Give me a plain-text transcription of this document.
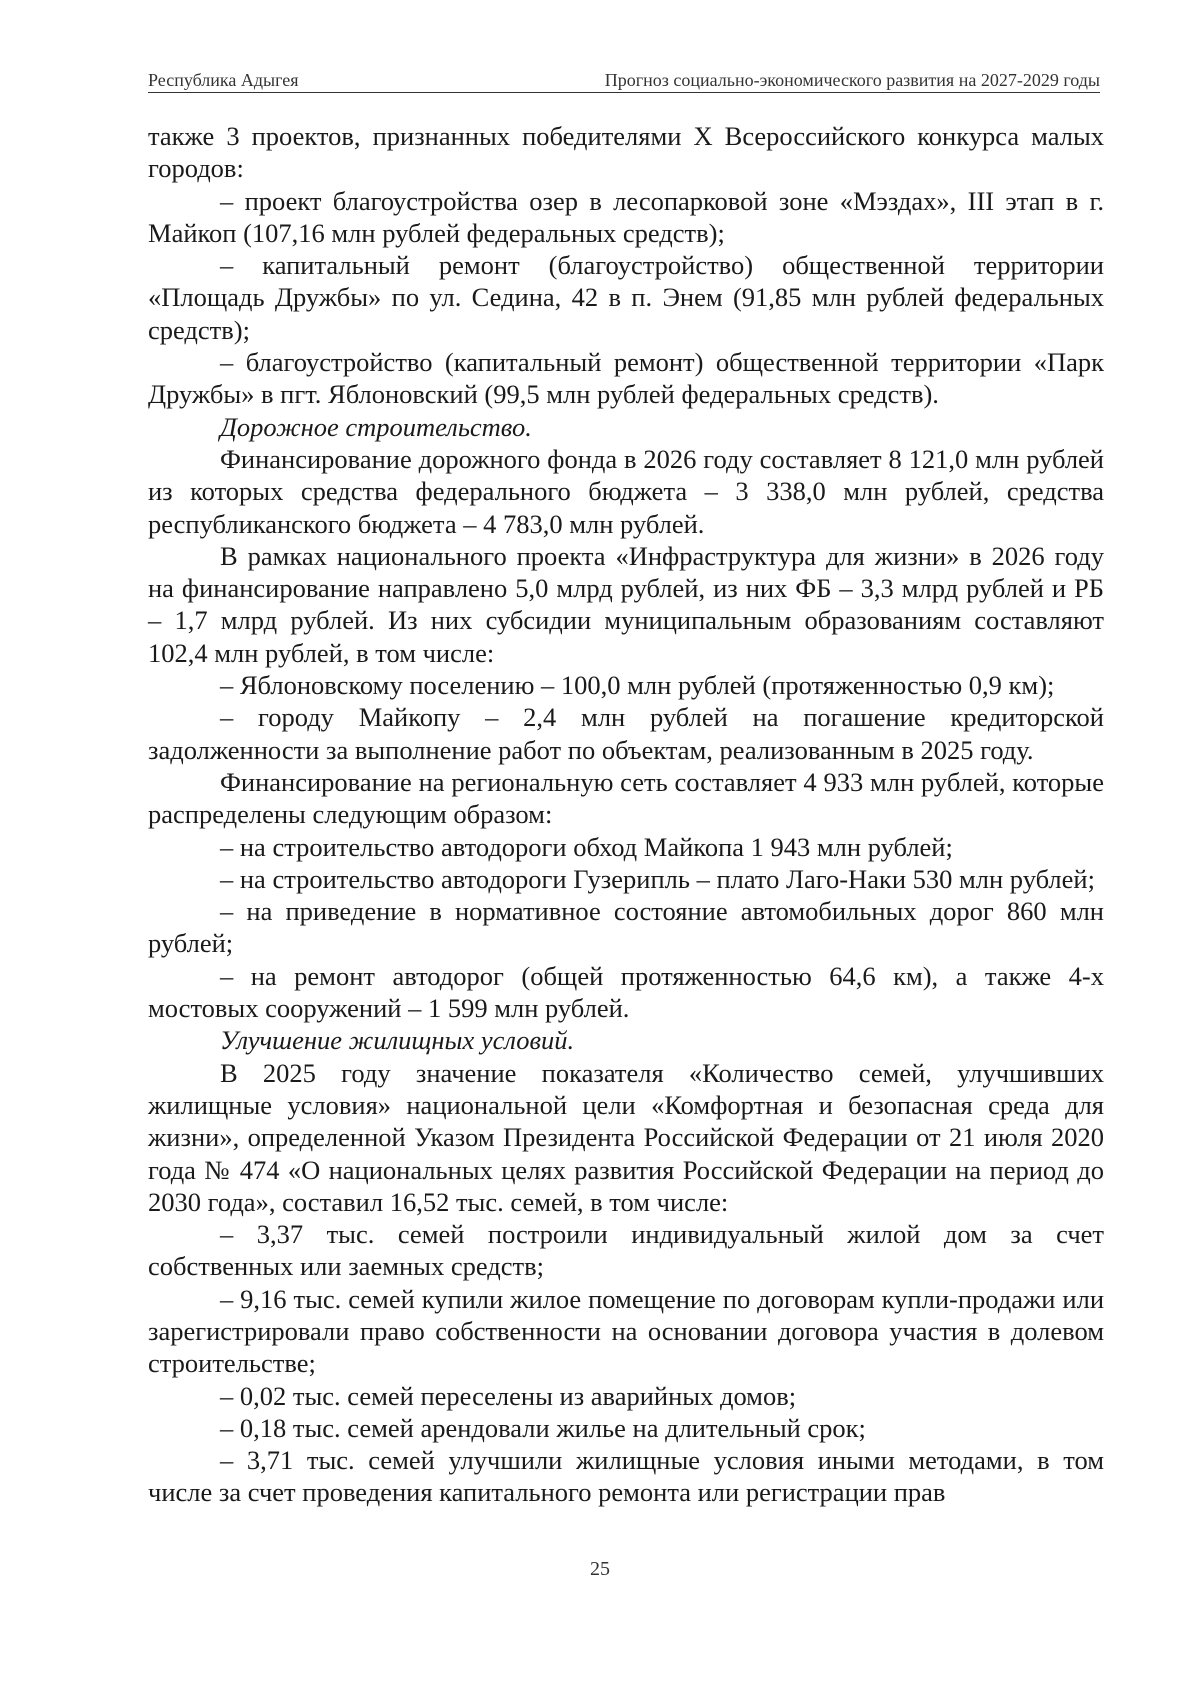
Республика Адыгея	Прогноз социально-экономического развития на 2027-2029 годы

также 3 проектов, признанных победителями X Всероссийского конкурса малых городов:

– проект благоустройства озер в лесопарковой зоне «Мэздах», III этап в г. Майкоп (107,16 млн рублей федеральных средств);

– капитальный ремонт (благоустройство) общественной территории «Площадь Дружбы» по ул. Седина, 42 в п. Энем (91,85 млн рублей федеральных средств);

– благоустройство (капитальный ремонт) общественной территории «Парк Дружбы» в пгт. Яблоновский (99,5 млн рублей федеральных средств).

Дорожное строительство.

Финансирование дорожного фонда в 2026 году составляет 8 121,0 млн рублей из которых средства федерального бюджета – 3 338,0 млн рублей, средства республиканского бюджета – 4 783,0 млн рублей.

В рамках национального проекта «Инфраструктура для жизни» в 2026 году на финансирование направлено 5,0 млрд рублей, из них ФБ – 3,3 млрд рублей и РБ – 1,7 млрд рублей. Из них субсидии муниципальным образованиям составляют 102,4 млн рублей, в том числе:

– Яблоновскому поселению – 100,0 млн рублей (протяженностью 0,9 км);

– городу Майкопу – 2,4 млн рублей на погашение кредиторской задолженности за выполнение работ по объектам, реализованным в 2025 году.

Финансирование на региональную сеть составляет 4 933 млн рублей, которые распределены следующим образом:

– на строительство автодороги обход Майкопа 1 943 млн рублей;

– на строительство автодороги Гузерипль – плато Лаго-Наки 530 млн рублей;

– на приведение в нормативное состояние автомобильных дорог 860 млн рублей;

– на ремонт автодорог (общей протяженностью 64,6 км), а также 4-х мостовых сооружений – 1 599 млн рублей.

Улучшение жилищных условий.

В 2025 году значение показателя «Количество семей, улучшивших жилищные условия» национальной цели «Комфортная и безопасная среда для жизни», определенной Указом Президента Российской Федерации от 21 июля 2020 года № 474 «О национальных целях развития Российской Федерации на период до 2030 года», составил 16,52 тыс. семей, в том числе:

– 3,37 тыс. семей построили индивидуальный жилой дом за счет собственных или заемных средств;

– 9,16 тыс. семей купили жилое помещение по договорам купли-продажи или зарегистрировали право собственности на основании договора участия в долевом строительстве;

– 0,02 тыс. семей переселены из аварийных домов;

– 0,18 тыс. семей арендовали жилье на длительный срок;

– 3,71 тыс. семей улучшили жилищные условия иными методами, в том числе за счет проведения капитального ремонта или регистрации прав

25
